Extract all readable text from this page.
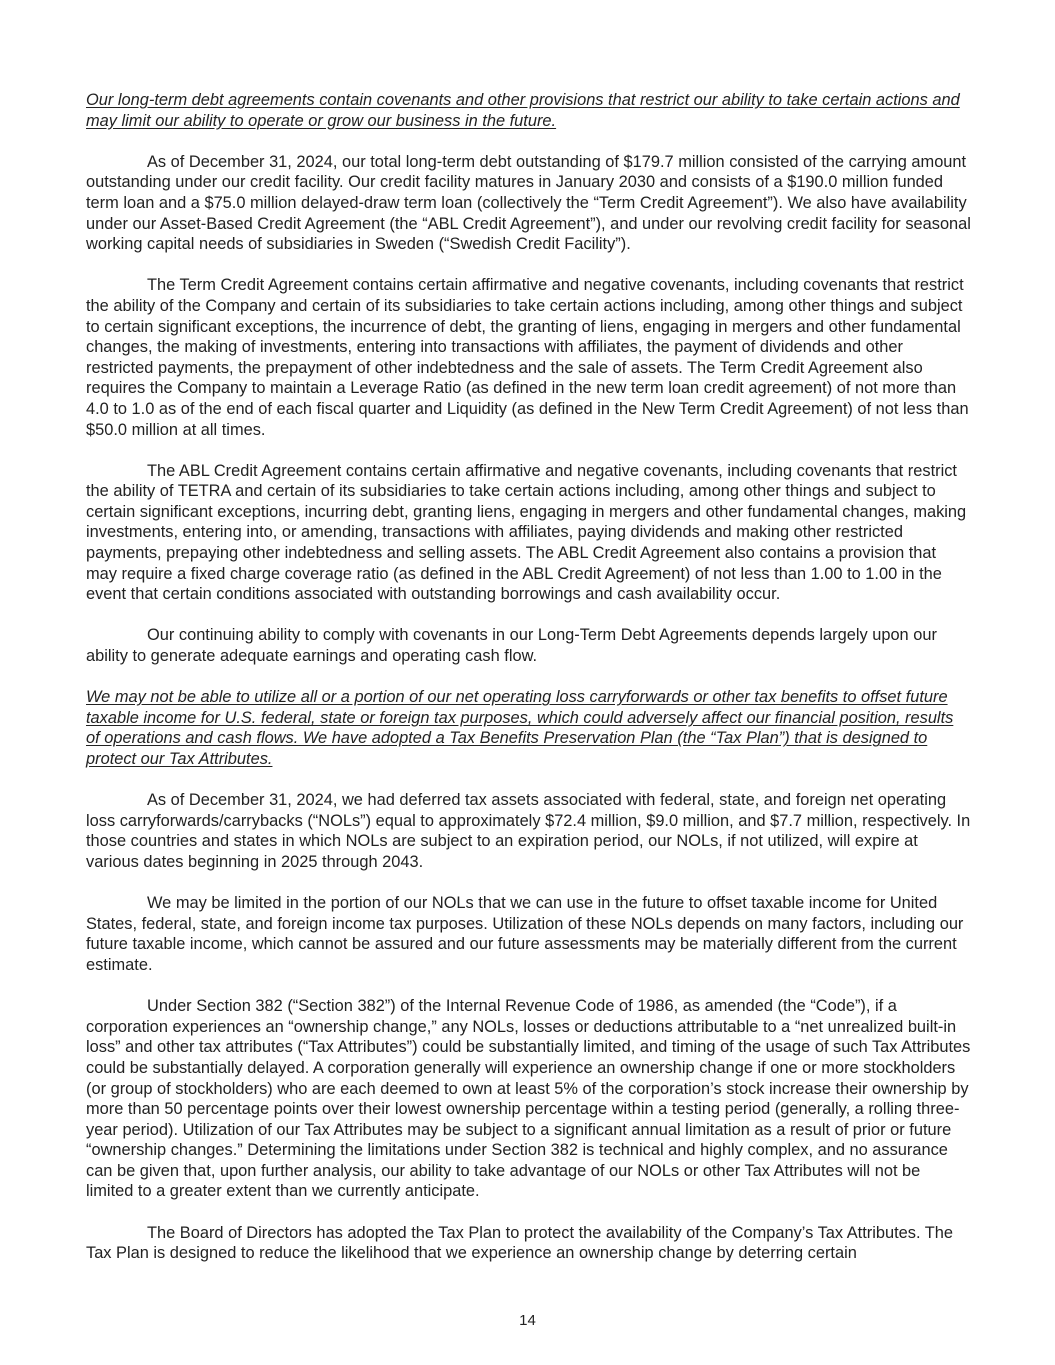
Our long-term debt agreements contain covenants and other provisions that restrict our ability to take certain actions and may limit our ability to operate or grow our business in the future.

As of December 31, 2024, our total long-term debt outstanding of $179.7 million consisted of the carrying amount outstanding under our credit facility. Our credit facility matures in January 2030 and consists of a $190.0 million funded term loan and a $75.0 million delayed-draw term loan (collectively the “Term Credit Agreement”). We also have availability under our Asset-Based Credit Agreement (the “ABL Credit Agreement”), and under our revolving credit facility for seasonal working capital needs of subsidiaries in Sweden (“Swedish Credit Facility”).

The Term Credit Agreement contains certain affirmative and negative covenants, including covenants that restrict the ability of the Company and certain of its subsidiaries to take certain actions including, among other things and subject to certain significant exceptions, the incurrence of debt, the granting of liens, engaging in mergers and other fundamental changes, the making of investments, entering into transactions with affiliates, the payment of dividends and other restricted payments, the prepayment of other indebtedness and the sale of assets. The Term Credit Agreement also requires the Company to maintain a Leverage Ratio (as defined in the new term loan credit agreement) of not more than 4.0 to 1.0 as of the end of each fiscal quarter and Liquidity (as defined in the New Term Credit Agreement) of not less than $50.0 million at all times.

The ABL Credit Agreement contains certain affirmative and negative covenants, including covenants that restrict the ability of TETRA and certain of its subsidiaries to take certain actions including, among other things and subject to certain significant exceptions, incurring debt, granting liens, engaging in mergers and other fundamental changes, making investments, entering into, or amending, transactions with affiliates, paying dividends and making other restricted payments, prepaying other indebtedness and selling assets. The ABL Credit Agreement also contains a provision that may require a fixed charge coverage ratio (as defined in the ABL Credit Agreement) of not less than 1.00 to 1.00 in the event that certain conditions associated with outstanding borrowings and cash availability occur.

Our continuing ability to comply with covenants in our Long-Term Debt Agreements depends largely upon our ability to generate adequate earnings and operating cash flow.

We may not be able to utilize all or a portion of our net operating loss carryforwards or other tax benefits to offset future taxable income for U.S. federal, state or foreign tax purposes, which could adversely affect our financial position, results of operations and cash flows. We have adopted a Tax Benefits Preservation Plan (the “Tax Plan”) that is designed to protect our Tax Attributes.

As of December 31, 2024, we had deferred tax assets associated with federal, state, and foreign net operating loss carryforwards/carrybacks (“NOLs”) equal to approximately $72.4 million, $9.0 million, and $7.7 million, respectively. In those countries and states in which NOLs are subject to an expiration period, our NOLs, if not utilized, will expire at various dates beginning in 2025 through 2043.

We may be limited in the portion of our NOLs that we can use in the future to offset taxable income for United States, federal, state, and foreign income tax purposes. Utilization of these NOLs depends on many factors, including our future taxable income, which cannot be assured and our future assessments may be materially different from the current estimate.

Under Section 382 (“Section 382”) of the Internal Revenue Code of 1986, as amended (the “Code”), if a corporation experiences an “ownership change,” any NOLs, losses or deductions attributable to a “net unrealized built-in loss” and other tax attributes (“Tax Attributes”) could be substantially limited, and timing of the usage of such Tax Attributes could be substantially delayed. A corporation generally will experience an ownership change if one or more stockholders (or group of stockholders) who are each deemed to own at least 5% of the corporation’s stock increase their ownership by more than 50 percentage points over their lowest ownership percentage within a testing period (generally, a rolling three-year period). Utilization of our Tax Attributes may be subject to a significant annual limitation as a result of prior or future “ownership changes.” Determining the limitations under Section 382 is technical and highly complex, and no assurance can be given that, upon further analysis, our ability to take advantage of our NOLs or other Tax Attributes will not be limited to a greater extent than we currently anticipate.

The Board of Directors has adopted the Tax Plan to protect the availability of the Company’s Tax Attributes. The Tax Plan is designed to reduce the likelihood that we experience an ownership change by deterring certain

14
